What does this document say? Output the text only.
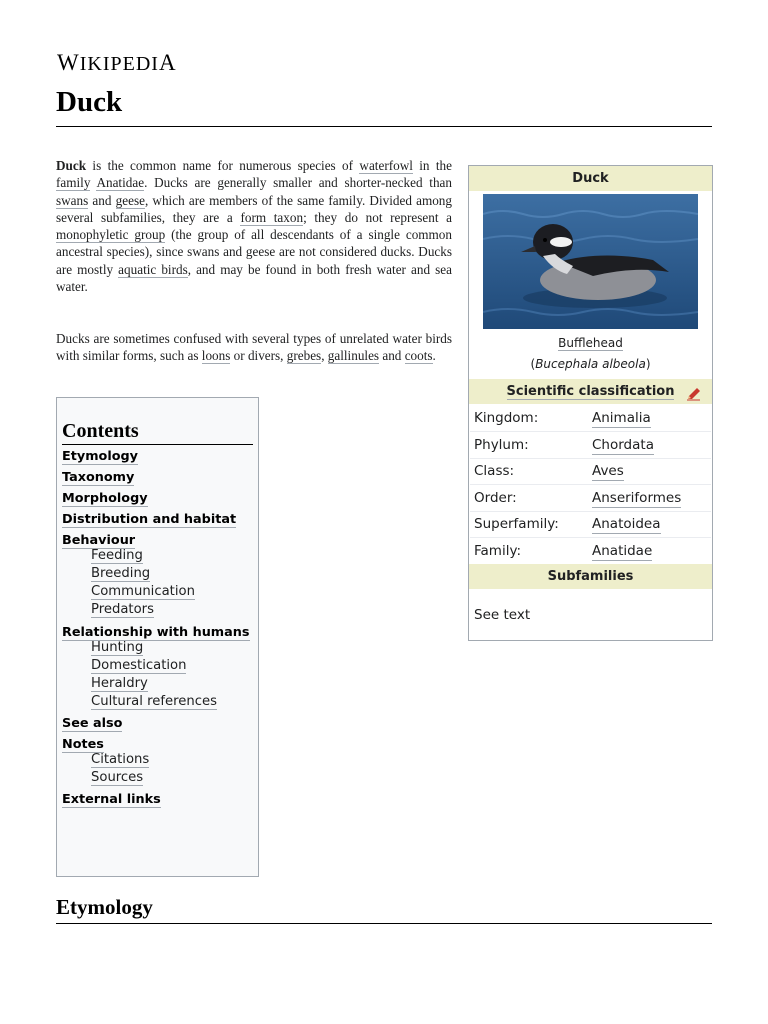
WIKIPEDIA
Duck

Duck is the common name for numerous species of waterfowl in the family Anatidae. Ducks are generally smaller and shorter-necked than swans and geese, which are members of the same family. Divided among several subfamilies, they are a form taxon; they do not represent a monophyletic group (the group of all descendants of a single common ancestral species), since swans and geese are not considered ducks. Ducks are mostly aquatic birds, and may be found in both fresh water and sea water.

Ducks are sometimes confused with several types of unrelated water birds with similar forms, such as loons or divers, grebes, gallinules and coots.

Contents
Etymology
Taxonomy
Morphology
Distribution and habitat
Behaviour
Feeding
Breeding
Communication
Predators
Relationship with humans
Hunting
Domestication
Heraldry
Cultural references
See also
Notes
Citations
Sources
External links
Duck
Bufflehead
(Bucephala albeola)
Scientific classification
Kingdom:	Animalia
Phylum:	Chordata
Class:	Aves
Order:	Anseriformes
Superfamily: Anatoidea
Family:	Anatidae
Subfamilies
See text
Etymology
